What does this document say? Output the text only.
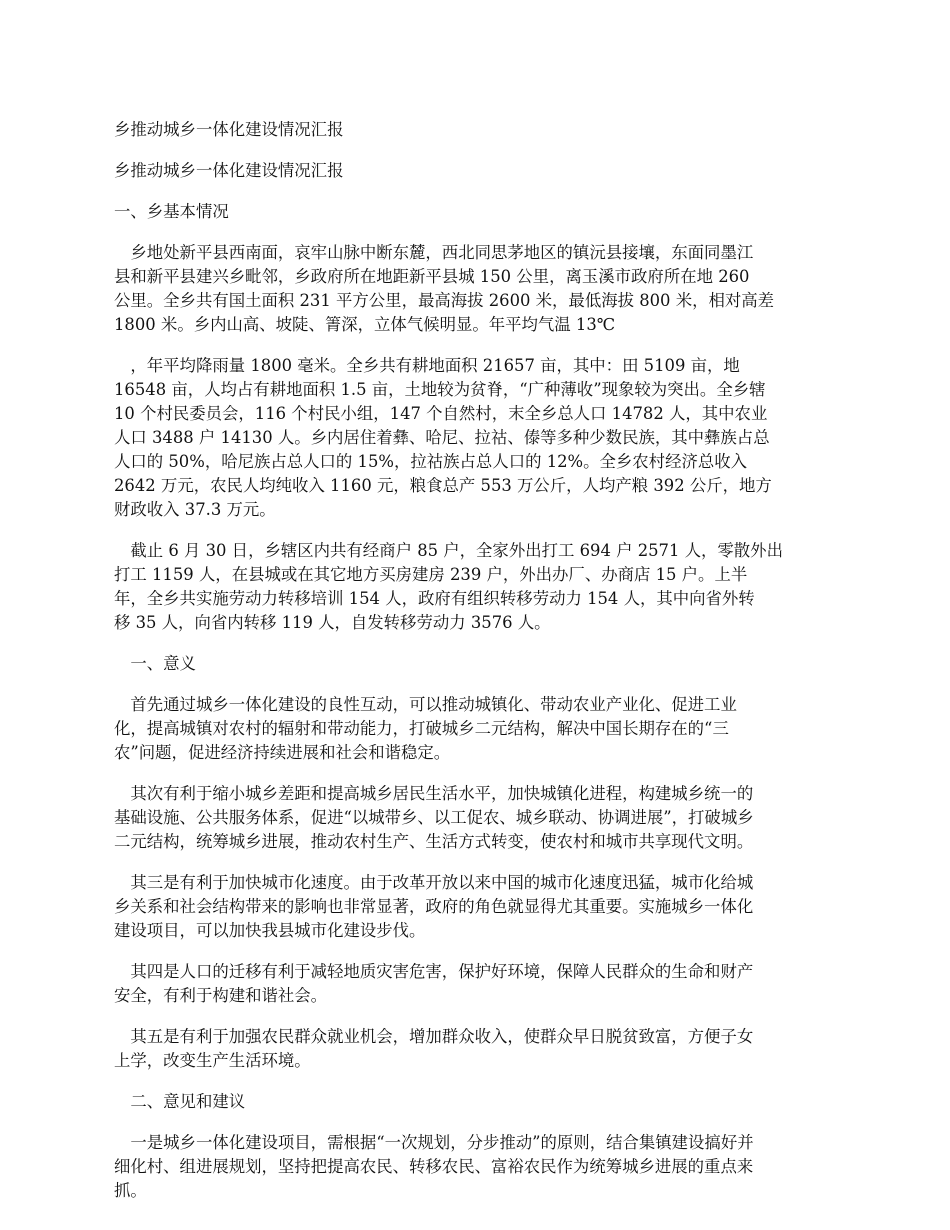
乡推动城乡一体化建设情况汇报
乡推动城乡一体化建设情况汇报
一、乡基本情况
　乡地处新平县西南面，哀牢山脉中断东麓，西北同思茅地区的镇沅县接壤，东面同墨江
县和新平县建兴乡毗邻，乡政府所在地距新平县城 150 公里，离玉溪市政府所在地 260
公里。全乡共有国土面积 231 平方公里，最高海拔 2600 米，最低海拔 800 米，相对高差
1800 米。乡内山高、坡陡、箐深，立体气候明显。年平均气温 13℃
　，年平均降雨量 1800 毫米。全乡共有耕地面积 21657 亩，其中：田 5109 亩，地
16548 亩，人均占有耕地面积 1.5 亩，土地较为贫脊，“广种薄收”现象较为突出。全乡辖
10 个村民委员会，116 个村民小组，147 个自然村，末全乡总人口 14782 人，其中农业
人口 3488 户 14130 人。乡内居住着彝、哈尼、拉祜、傣等多种少数民族，其中彝族占总
人口的 50%，哈尼族占总人口的 15%，拉祜族占总人口的 12%。全乡农村经济总收入
2642 万元，农民人均纯收入 1160 元，粮食总产 553 万公斤，人均产粮 392 公斤，地方
财政收入 37.3 万元。
　截止 6 月 30 日，乡辖区内共有经商户 85 户，全家外出打工 694 户 2571 人，零散外出
打工 1159 人，在县城或在其它地方买房建房 239 户，外出办厂、办商店 15 户。上半
年，全乡共实施劳动力转移培训 154 人，政府有组织转移劳动力 154 人，其中向省外转
移 35 人，向省内转移 119 人，自发转移劳动力 3576 人。
　一、意义
　首先通过城乡一体化建设的良性互动，可以推动城镇化、带动农业产业化、促进工业
化，提高城镇对农村的辐射和带动能力，打破城乡二元结构，解决中国长期存在的“三
农”问题，促进经济持续进展和社会和谐稳定。
　其次有利于缩小城乡差距和提高城乡居民生活水平，加快城镇化进程，构建城乡统一的
基础设施、公共服务体系，促进“以城带乡、以工促农、城乡联动、协调进展”，打破城乡
二元结构，统筹城乡进展，推动农村生产、生活方式转变，使农村和城市共享现代文明。
　其三是有利于加快城市化速度。由于改革开放以来中国的城市化速度迅猛，城市化给城
乡关系和社会结构带来的影响也非常显著，政府的角色就显得尤其重要。实施城乡一体化
建设项目，可以加快我县城市化建设步伐。
　其四是人口的迁移有利于减轻地质灾害危害，保护好环境，保障人民群众的生命和财产
安全，有利于构建和谐社会。
　其五是有利于加强农民群众就业机会，增加群众收入，使群众早日脱贫致富，方便子女
上学，改变生产生活环境。
　二、意见和建议
　一是城乡一体化建设项目，需根据“一次规划，分步推动”的原则，结合集镇建设搞好并
细化村、组进展规划，坚持把提高农民、转移农民、富裕农民作为统筹城乡进展的重点来
抓。
